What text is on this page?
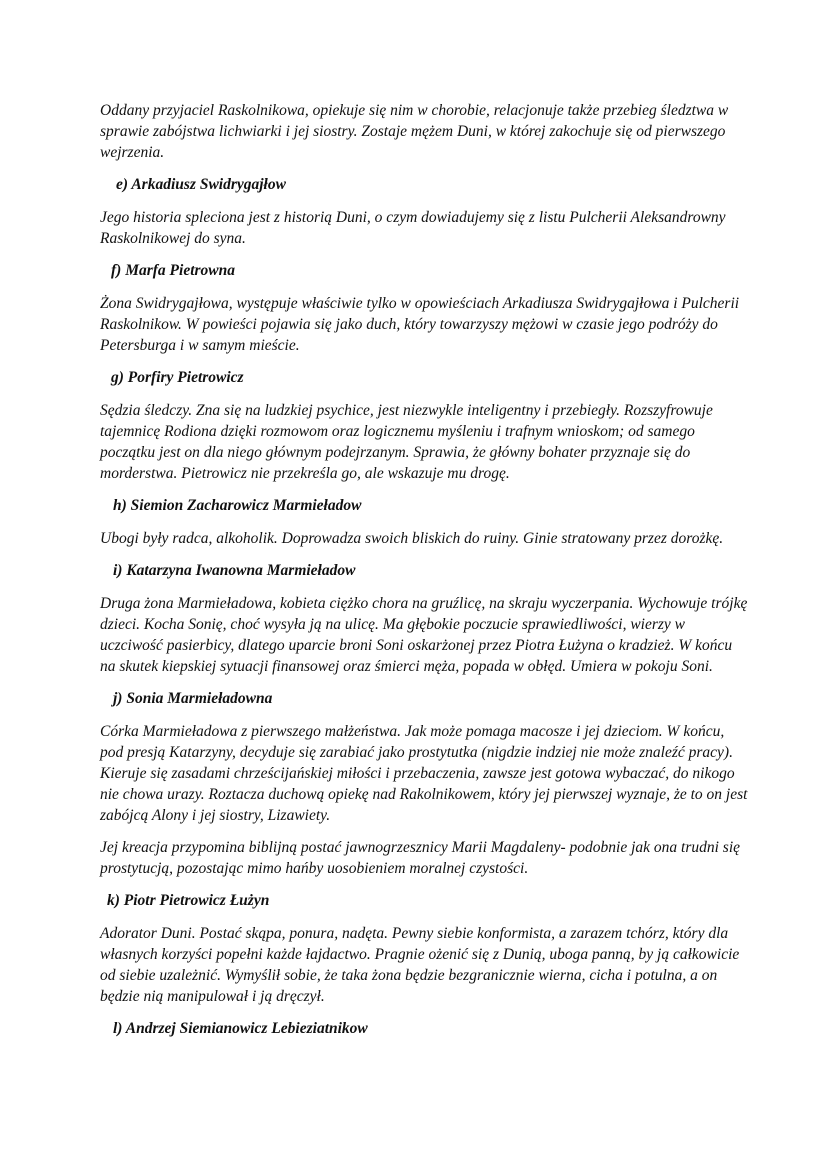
Oddany przyjaciel Raskolnikowa, opiekuje się nim w chorobie, relacjonuje także przebieg śledztwa w sprawie zabójstwa lichwiarki i jej siostry. Zostaje mężem Duni, w której zakochuje się od pierwszego wejrzenia.

e) Arkadiusz Swidrygajłow

Jego historia spleciona jest z historią Duni, o czym dowiadujemy się z listu Pulcherii Aleksandrowny Raskolnikowej do syna.

f) Marfa Pietrowna

Żona Swidrygajłowa, występuje właściwie tylko w opowieściach Arkadiusza Swidrygajłowa i Pulcherii Raskolnikow. W powieści pojawia się jako duch, który towarzyszy mężowi w czasie jego podróży do Petersburga i w samym mieście.

g) Porfiry Pietrowicz

Sędzia śledczy. Zna się na ludzkiej psychice, jest niezwykle inteligentny i przebiegły. Rozszyfrowuje tajemnicę Rodiona dzięki rozmowom oraz logicznemu myśleniu i trafnym wnioskom; od samego początku jest on dla niego głównym podejrzanym. Sprawia, że główny bohater przyznaje się do morderstwa. Pietrowicz nie przekreśla go, ale wskazuje mu drogę.

h) Siemion Zacharowicz Marmieładow

Ubogi były radca, alkoholik. Doprowadza swoich bliskich do ruiny. Ginie stratowany przez dorożkę.

i) Katarzyna Iwanowna Marmieładow

Druga żona Marmieładowa, kobieta ciężko chora na gruźlicę, na skraju wyczerpania. Wychowuje trójkę dzieci. Kocha Sonię, choć wysyła ją na ulicę. Ma głębokie poczucie sprawiedliwości, wierzy w uczciwość pasierbicy, dlatego uparcie broni Soni oskarżonej przez Piotra Łużyna o kradzież. W końcu na skutek kiepskiej sytuacji finansowej oraz śmierci męża, popada w obłęd. Umiera w pokoju Soni.

j) Sonia Marmieładowna

Córka Marmieładowa z pierwszego małżeństwa. Jak może pomaga macosze i jej dzieciom. W końcu, pod presją Katarzyny, decyduje się zarabiać jako prostytutka (nigdzie indziej nie może znaleźć pracy). Kieruje się zasadami chrześcijańskiej miłości i przebaczenia, zawsze jest gotowa wybaczać, do nikogo nie chowa urazy. Roztacza duchową opiekę nad Rakolnikowem, który jej pierwszej wyznaje, że to on jest zabójcą Alony i jej siostry, Lizawiety.

Jej kreacja przypomina biblijną postać jawnogrzesznicy Marii Magdaleny- podobnie jak ona trudni się prostytucją, pozostając mimo hańby uosobieniem moralnej czystości.

k) Piotr Pietrowicz Łużyn

Adorator Duni. Postać skąpa, ponura, nadęta. Pewny siebie konformista, a zarazem tchórz, który dla własnych korzyści popełni każde łajdactwo. Pragnie ożenić się z Dunią, uboga panną, by ją całkowicie od siebie uzależnić. Wymyślił sobie, że taka żona będzie bezgranicznie wierna, cicha i potulna, a on będzie nią manipulował i ją dręczył.

l) Andrzej Siemianowicz Lebieziatnikow
